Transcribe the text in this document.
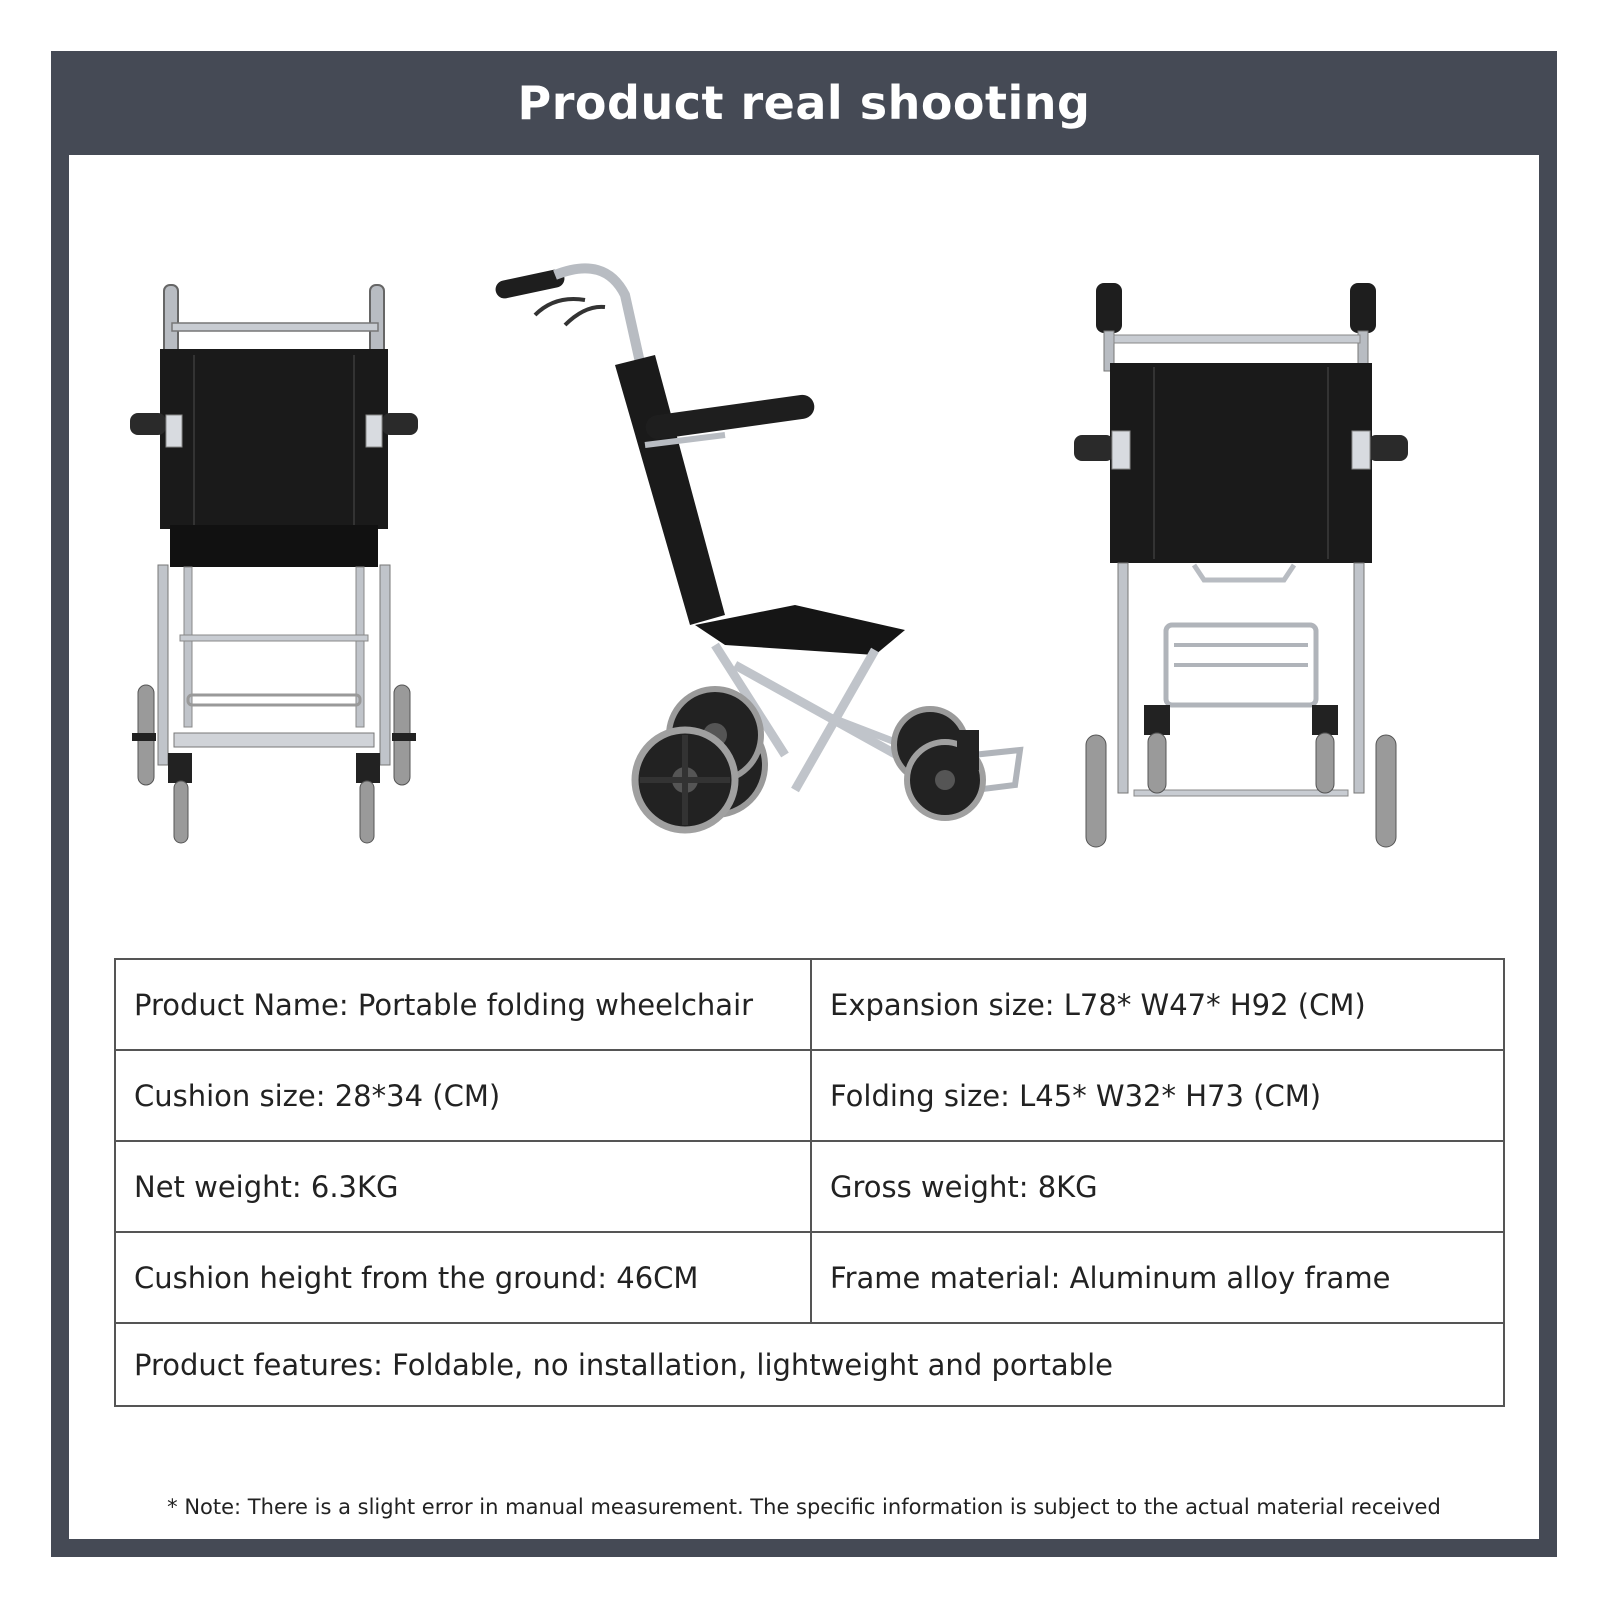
Product real shooting
Product Name: Portable folding wheelchair	Expansion size: L78* W47* H92 (CM)
Cushion size: 28*34 (CM)	Folding size: L45* W32* H73 (CM)
Net weight: 6.3KG	Gross weight: 8KG
Cushion height from the ground: 46CM	Frame material: Aluminum alloy frame
Product features: Foldable, no installation, lightweight and portable	
* Note: There is a slight error in manual measurement. The specific information is subject to the actual material received
